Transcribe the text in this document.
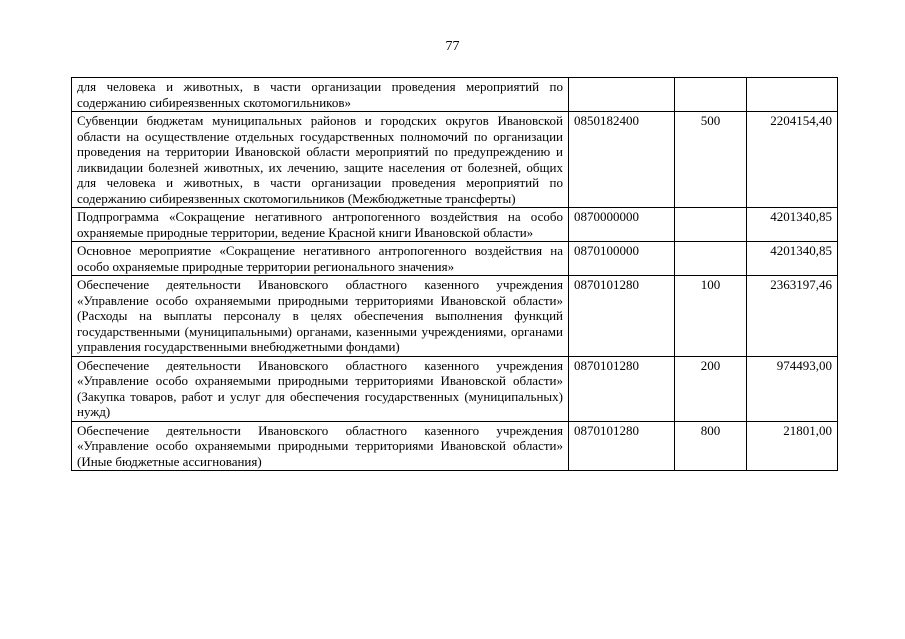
77
для человека и животных, в части организации проведения мероприятий по содержанию сибиреязвенных скотомогильников»			
Субвенции бюджетам муниципальных районов и городских округов Ивановской области на осуществление отдельных государственных полномочий по организации проведения на территории Ивановской области мероприятий по предупреждению и ликвидации болезней животных, их лечению, защите населения от болезней, общих для человека и животных, в части организации проведения мероприятий по содержанию сибиреязвенных скотомогильников (Межбюджетные трансферты)	0850182400	500	2204154,40
Подпрограмма «Сокращение негативного антропогенного воздействия на особо охраняемые природные территории, ведение Красной книги Ивановской области»	0870000000		4201340,85
Основное мероприятие «Сокращение негативного антропогенного воздействия на особо охраняемые природные территории регионального значения»	0870100000		4201340,85
Обеспечение деятельности Ивановского областного казенного учреждения «Управление особо охраняемыми природными территориями Ивановской области» (Расходы на выплаты персоналу в целях обеспечения выполнения функций государственными (муниципальными) органами, казенными учреждениями, органами управления государственными внебюджетными фондами)	0870101280	100	2363197,46
Обеспечение деятельности Ивановского областного казенного учреждения «Управление особо охраняемыми природными территориями Ивановской области» (Закупка товаров, работ и услуг для обеспечения государственных (муниципальных) нужд)	0870101280	200	974493,00
Обеспечение деятельности Ивановского областного казенного учреждения «Управление особо охраняемыми природными территориями Ивановской области» (Иные бюджетные ассигнования)	0870101280	800	21801,00
